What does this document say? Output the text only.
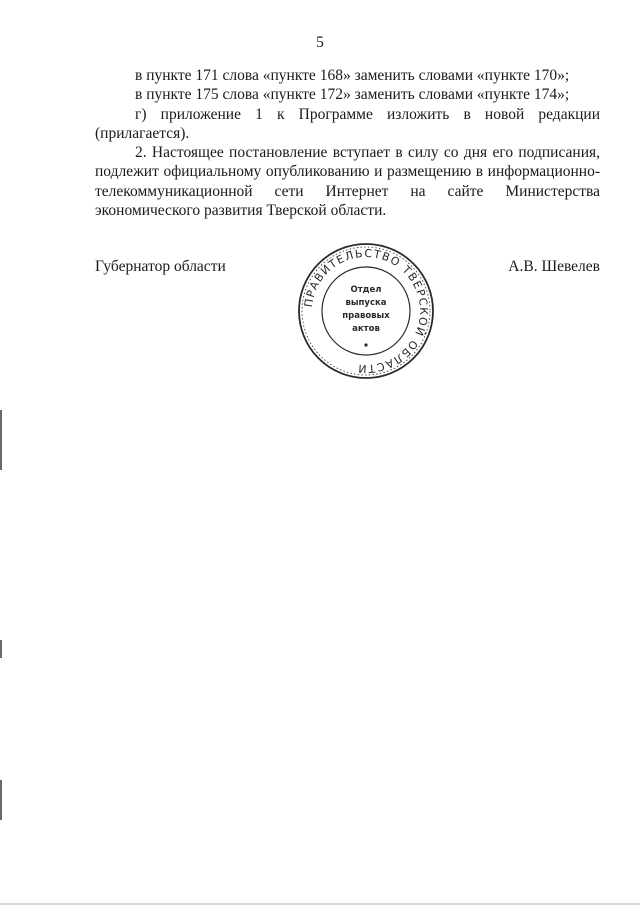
5

в пункте 171 слова «пункте 168» заменить словами «пункте 170»;

в пункте 175 слова «пункте 172» заменить словами «пункте 174»;

г) приложение 1 к Программе изложить в новой редакции (прилагается).

2. Настоящее постановление вступает в силу со дня его подписания, подлежит официальному опубликованию и размещению в информационно-телекоммуникационной сети Интернет на сайте Министерства экономического развития Тверской области.

Губернатор области
ПРАВИТЕЛЬСТВО ТВЕРСКОЙ ОБЛАСТИ
Отдел
выпуска
правовых
актов
А.В. Шевелев
